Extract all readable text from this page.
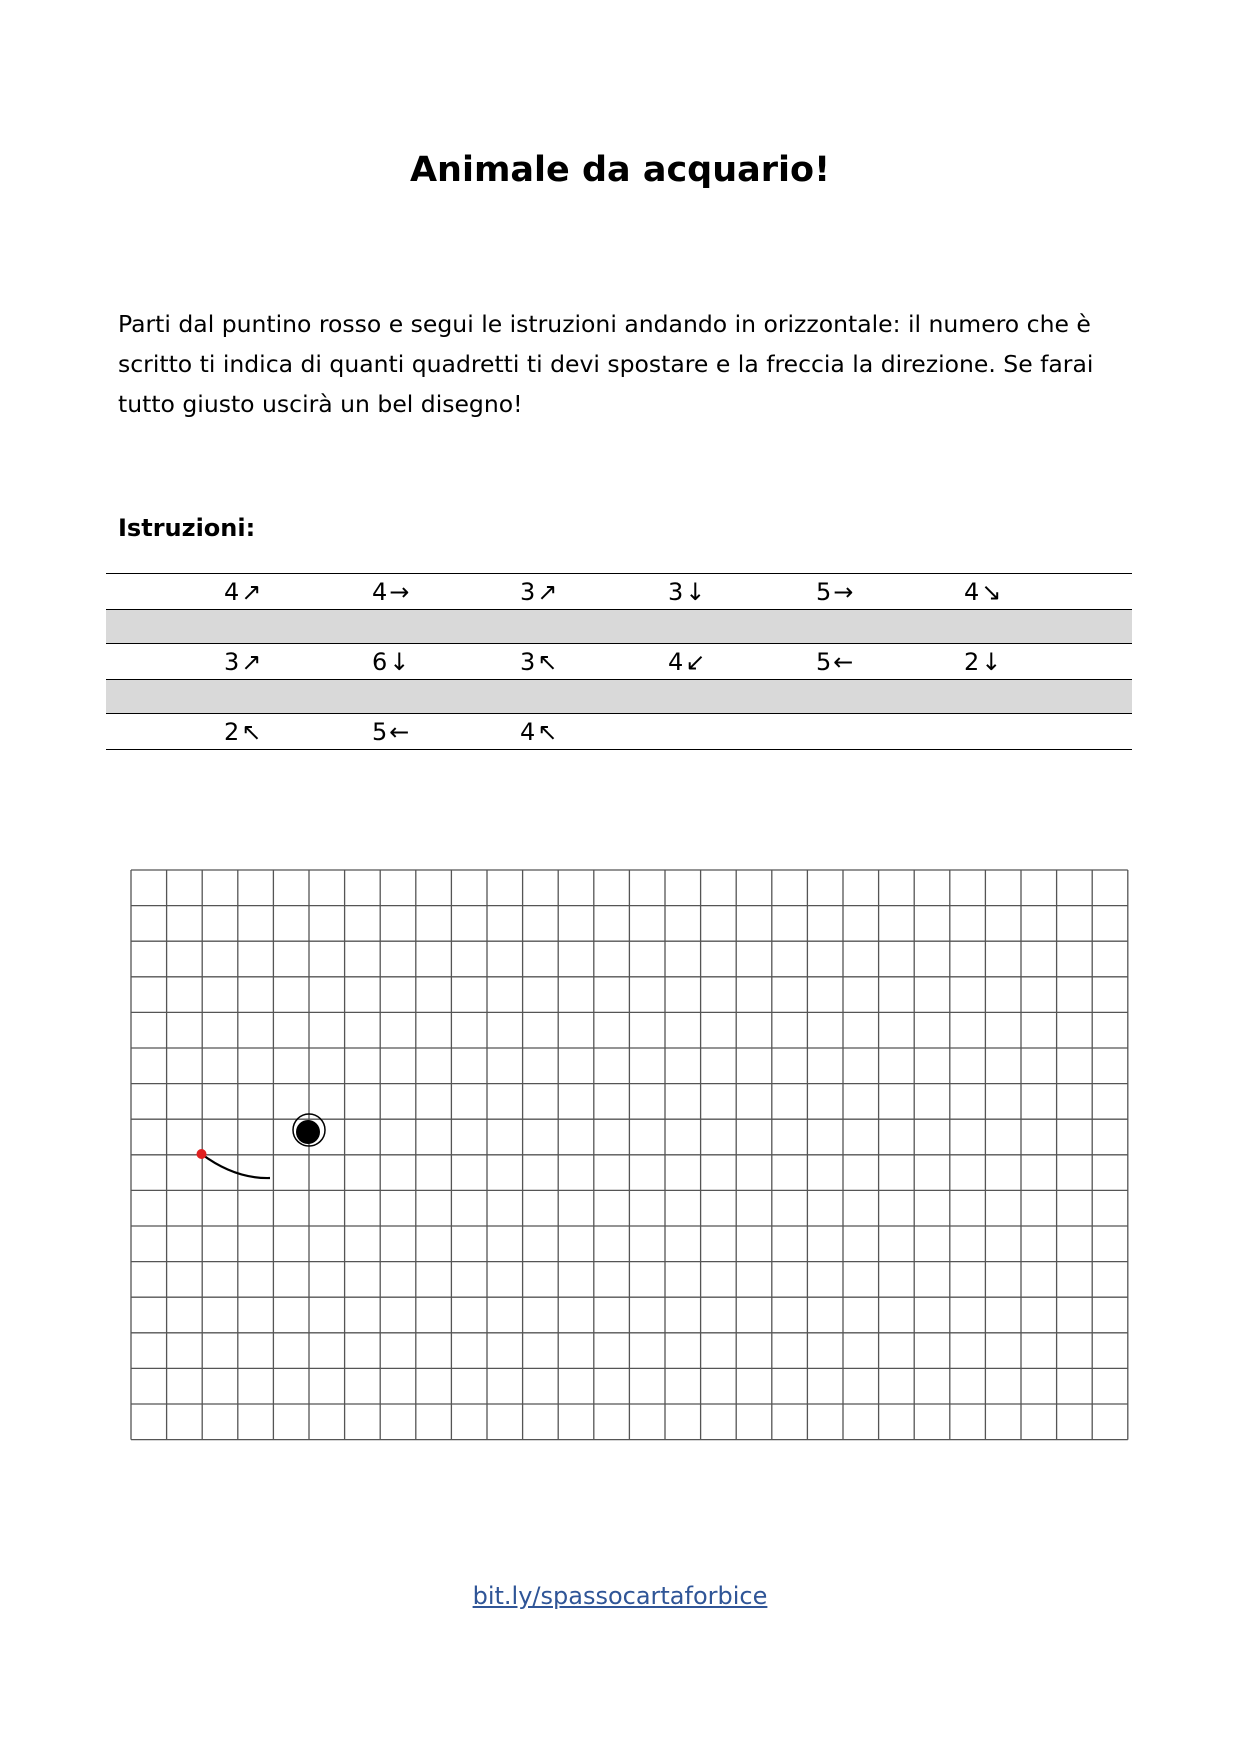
Animale da acquario!

Parti dal puntino rosso e segui le istruzioni andando in orizzontale: il numero che è scritto ti indica di quanti quadretti ti devi spostare e la freccia la direzione. Se farai tutto giusto uscirà un bel disegno!

Istruzioni:
	4↗	4→	3↗	3↓	5→	4↘	

	3↗	6↓	3↖	4↙	5←	2↓	

	2↖	5←	4↖				
bit.ly/spassocartaforbice
